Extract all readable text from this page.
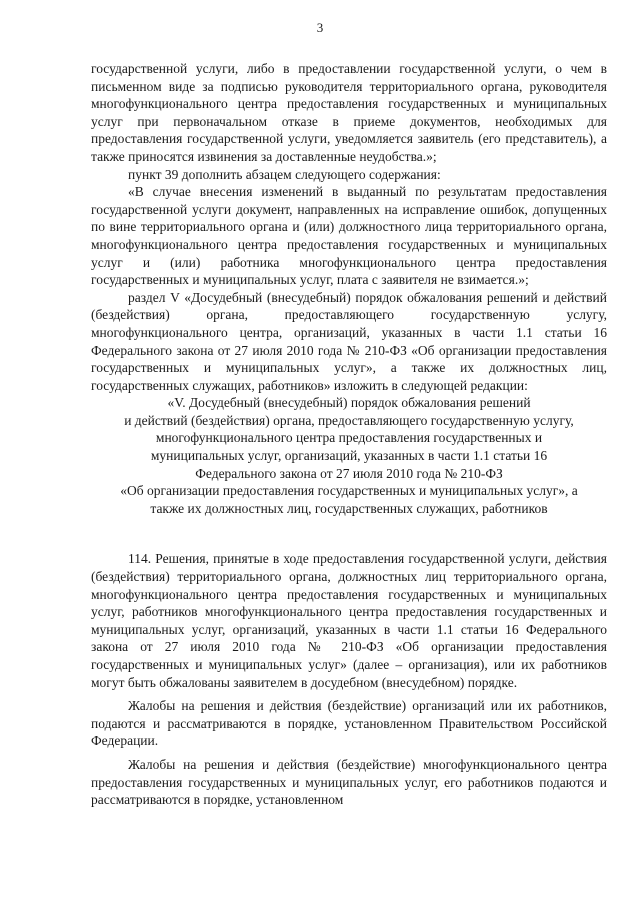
3

государственной услуги, либо в предоставлении государственной услуги, о чем в письменном виде за подписью руководителя территориального органа, руководителя многофункционального центра предоставления государственных и муниципальных услуг при первоначальном отказе в приеме документов, необходимых для предоставления государственной услуги, уведомляется заявитель (его представитель), а также приносятся извинения за доставленные неудобства.»;

пункт 39 дополнить абзацем следующего содержания:

«В случае внесения изменений в выданный по результатам предоставления государственной услуги документ, направленных на исправление ошибок, допущенных по вине территориального органа и (или) должностного лица территориального органа, многофункционального центра предоставления государственных и муниципальных услуг и (или) работника многофункционального центра предоставления государственных и муниципальных услуг, плата с заявителя не взимается.»;

раздел V «Досудебный (внесудебный) порядок обжалования решений и действий (бездействия) органа, предоставляющего государственную услугу, многофункционального центра, организаций, указанных в части 1.1 статьи 16 Федерального закона от 27 июля 2010 года № 210-ФЗ «Об организации предоставления государственных и муниципальных услуг», а также их должностных лиц, государственных служащих, работников» изложить в следующей редакции:

«V. Досудебный (внесудебный) порядок обжалования решений
и действий (бездействия) органа, предоставляющего государственную услугу,
многофункционального центра предоставления государственных и
муниципальных услуг, организаций, указанных в части 1.1 статьи 16
Федерального закона от 27 июля 2010 года № 210-ФЗ
«Об организации предоставления государственных и муниципальных услуг», а
также их должностных лиц, государственных служащих, работников

114. Решения, принятые в ходе предоставления государственной услуги, действия (бездействия) территориального органа, должностных лиц территориального органа, многофункционального центра предоставления государственных и муниципальных услуг, работников многофункционального центра предоставления государственных и муниципальных услуг, организаций, указанных в части 1.1 статьи 16 Федерального закона от 27 июля 2010 года № 210-ФЗ «Об организации предоставления государственных и муниципальных услуг» (далее – организация), или их работников могут быть обжалованы заявителем в досудебном (внесудебном) порядке.

Жалобы на решения и действия (бездействие) организаций или их работников, подаются и рассматриваются в порядке, установленном Правительством Российской Федерации.

Жалобы на решения и действия (бездействие) многофункционального центра предоставления государственных и муниципальных услуг, его работников подаются и рассматриваются в порядке, установленном
